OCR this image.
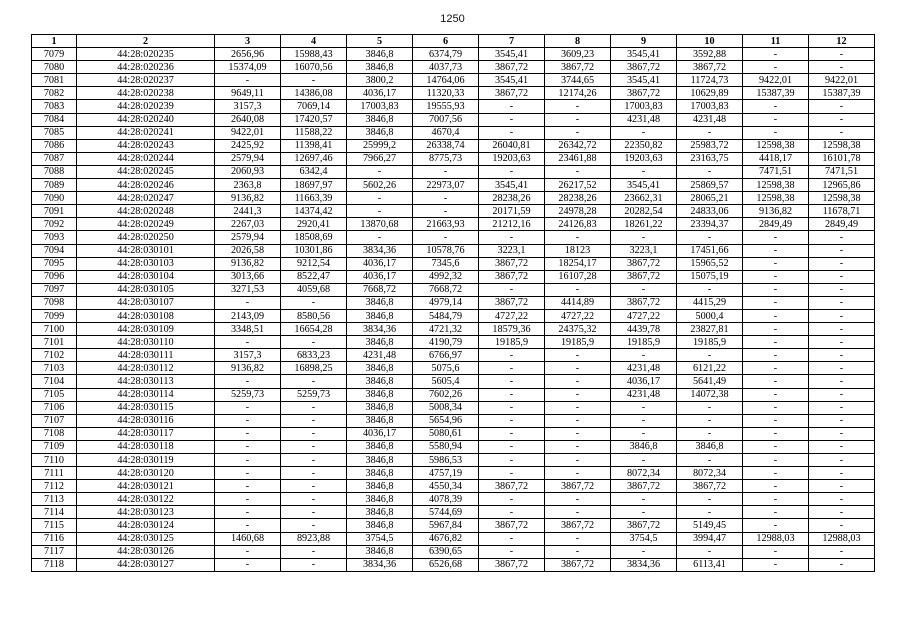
1250
1	2	3	4	5	6	7	8	9	10	11	12
7079	44:28:020235	2656,96	15988,43	3846,8	6374,79	3545,41	3609,23	3545,41	3592,88	-	-
7080	44:28:020236	15374,09	16070,56	3846,8	4037,73	3867,72	3867,72	3867,72	3867,72	-	-
7081	44:28:020237	-	-	3800,2	14764,06	3545,41	3744,65	3545,41	11724,73	9422,01	9422,01
7082	44:28:020238	9649,11	14386,08	4036,17	11320,33	3867,72	12174,26	3867,72	10629,89	15387,39	15387,39
7083	44:28:020239	3157,3	7069,14	17003,83	19555,93	-	-	17003,83	17003,83	-	-
7084	44:28:020240	2640,08	17420,57	3846,8	7007,56	-	-	4231,48	4231,48	-	-
7085	44:28:020241	9422,01	11588,22	3846,8	4670,4	-	-	-	-	-	-
7086	44:28:020243	2425,92	11398,41	25999,2	26338,74	26040,81	26342,72	22350,82	25983,72	12598,38	12598,38
7087	44:28:020244	2579,94	12697,46	7966,27	8775,73	19203,63	23461,88	19203,63	23163,75	4418,17	16101,78
7088	44:28:020245	2060,93	6342,4	-	-	-	-	-	-	7471,51	7471,51
7089	44:28:020246	2363,8	18697,97	5602,26	22973,07	3545,41	26217,52	3545,41	25869,57	12598,38	12965,86
7090	44:28:020247	9136,82	11663,39	-	-	28238,26	28238,26	23662,31	28065,21	12598,38	12598,38
7091	44:28:020248	2441,3	14374,42	-	-	20171,59	24978,28	20282,54	24833,06	9136,82	11678,71
7092	44:28:020249	2267,03	2920,41	13870,68	21663,93	21212,16	24126,83	18261,22	23394,37	2849,49	2849,49
7093	44:28:020250	2579,94	18508,69	-	-	-	-	-	-	-	-
7094	44:28:030101	2026,58	10301,86	3834,36	10578,76	3223,1	18123	3223,1	17451,66	-	-
7095	44:28:030103	9136,82	9212,54	4036,17	7345,6	3867,72	18254,17	3867,72	15965,52	-	-
7096	44:28:030104	3013,66	8522,47	4036,17	4992,32	3867,72	16107,28	3867,72	15075,19	-	-
7097	44:28:030105	3271,53	4059,68	7668,72	7668,72	-	-	-	-	-	-
7098	44:28:030107	-	-	3846,8	4979,14	3867,72	4414,89	3867,72	4415,29	-	-
7099	44:28:030108	2143,09	8580,56	3846,8	5484,79	4727,22	4727,22	4727,22	5000,4	-	-
7100	44:28:030109	3348,51	16654,28	3834,36	4721,32	18579,36	24375,32	4439,78	23827,81	-	-
7101	44:28:030110	-	-	3846,8	4190,79	19185,9	19185,9	19185,9	19185,9	-	-
7102	44:28:030111	3157,3	6833,23	4231,48	6766,97	-	-	-	-	-	-
7103	44:28:030112	9136,82	16898,25	3846,8	5075,6	-	-	4231,48	6121,22	-	-
7104	44:28:030113	-	-	3846,8	5605,4	-	-	4036,17	5641,49	-	-
7105	44:28:030114	5259,73	5259,73	3846,8	7602,26	-	-	4231,48	14072,38	-	-
7106	44:28:030115	-	-	3846,8	5008,34	-	-	-	-	-	-
7107	44:28:030116	-	-	3846,8	5654,96	-	-	-	-	-	-
7108	44:28:030117	-	-	4036,17	5080,61	-	-	-	-	-	-
7109	44:28:030118	-	-	3846,8	5580,94	-	-	3846,8	3846,8	-	-
7110	44:28:030119	-	-	3846,8	5986,53	-	-	-	-	-	-
7111	44:28:030120	-	-	3846,8	4757,19	-	-	8072,34	8072,34	-	-
7112	44:28:030121	-	-	3846,8	4550,34	3867,72	3867,72	3867,72	3867,72	-	-
7113	44:28:030122	-	-	3846,8	4078,39	-	-	-	-	-	-
7114	44:28:030123	-	-	3846,8	5744,69	-	-	-	-	-	-
7115	44:28:030124	-	-	3846,8	5967,84	3867,72	3867,72	3867,72	5149,45	-	-
7116	44:28:030125	1460,68	8923,88	3754,5	4676,82	-	-	3754,5	3994,47	12988,03	12988,03
7117	44:28:030126	-	-	3846,8	6390,65	-	-	-	-	-	-
7118	44:28:030127	-	-	3834,36	6526,68	3867,72	3867,72	3834,36	6113,41	-	-
